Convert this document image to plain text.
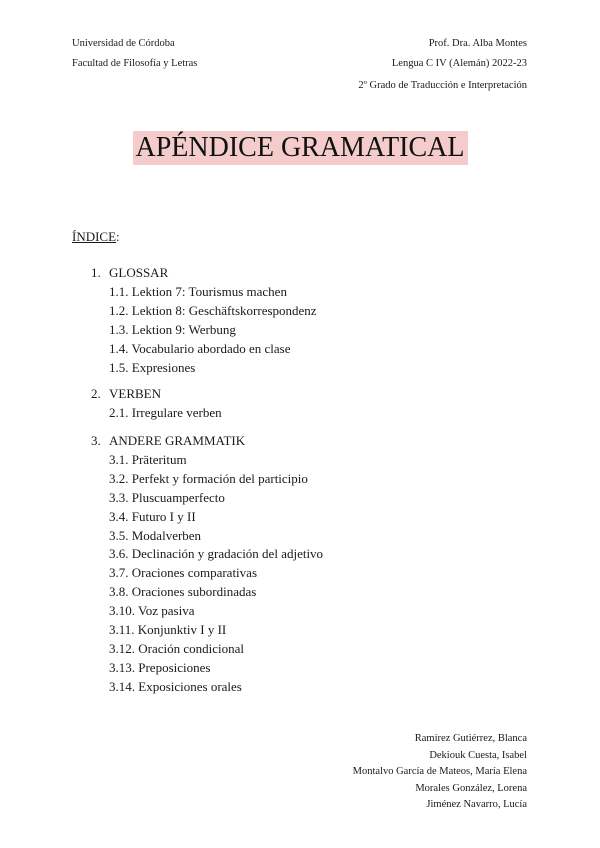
Universidad de Córdoba
Facultad de Filosofía y Letras
Prof. Dra. Alba Montes
Lengua C IV (Alemán) 2022-23
2º Grado de Traducción e Interpretación
APÉNDICE GRAMATICAL
ÍNDICE:
1. GLOSSAR
1.1. Lektion 7: Tourismus machen
1.2. Lektion 8: Geschäftskorrespondenz
1.3. Lektion 9: Werbung
1.4. Vocabulario abordado en clase
1.5. Expresiones
2. VERBEN
2.1. Irregulare verben
3. ANDERE GRAMMATIK
3.1. Präteritum
3.2. Perfekt y formación del participio
3.3. Pluscuamperfecto
3.4. Futuro I y II
3.5. Modalverben
3.6. Declinación y gradación del adjetivo
3.7. Oraciones comparativas
3.8. Oraciones subordinadas
3.10. Voz pasiva
3.11. Konjunktiv I y II
3.12. Oración condicional
3.13. Preposiciones
3.14. Exposiciones orales
Ramírez Gutiérrez, Blanca
Dekiouk Cuesta, Isabel
Montalvo García de Mateos, María Elena
Morales González, Lorena
Jiménez Navarro, Lucía
